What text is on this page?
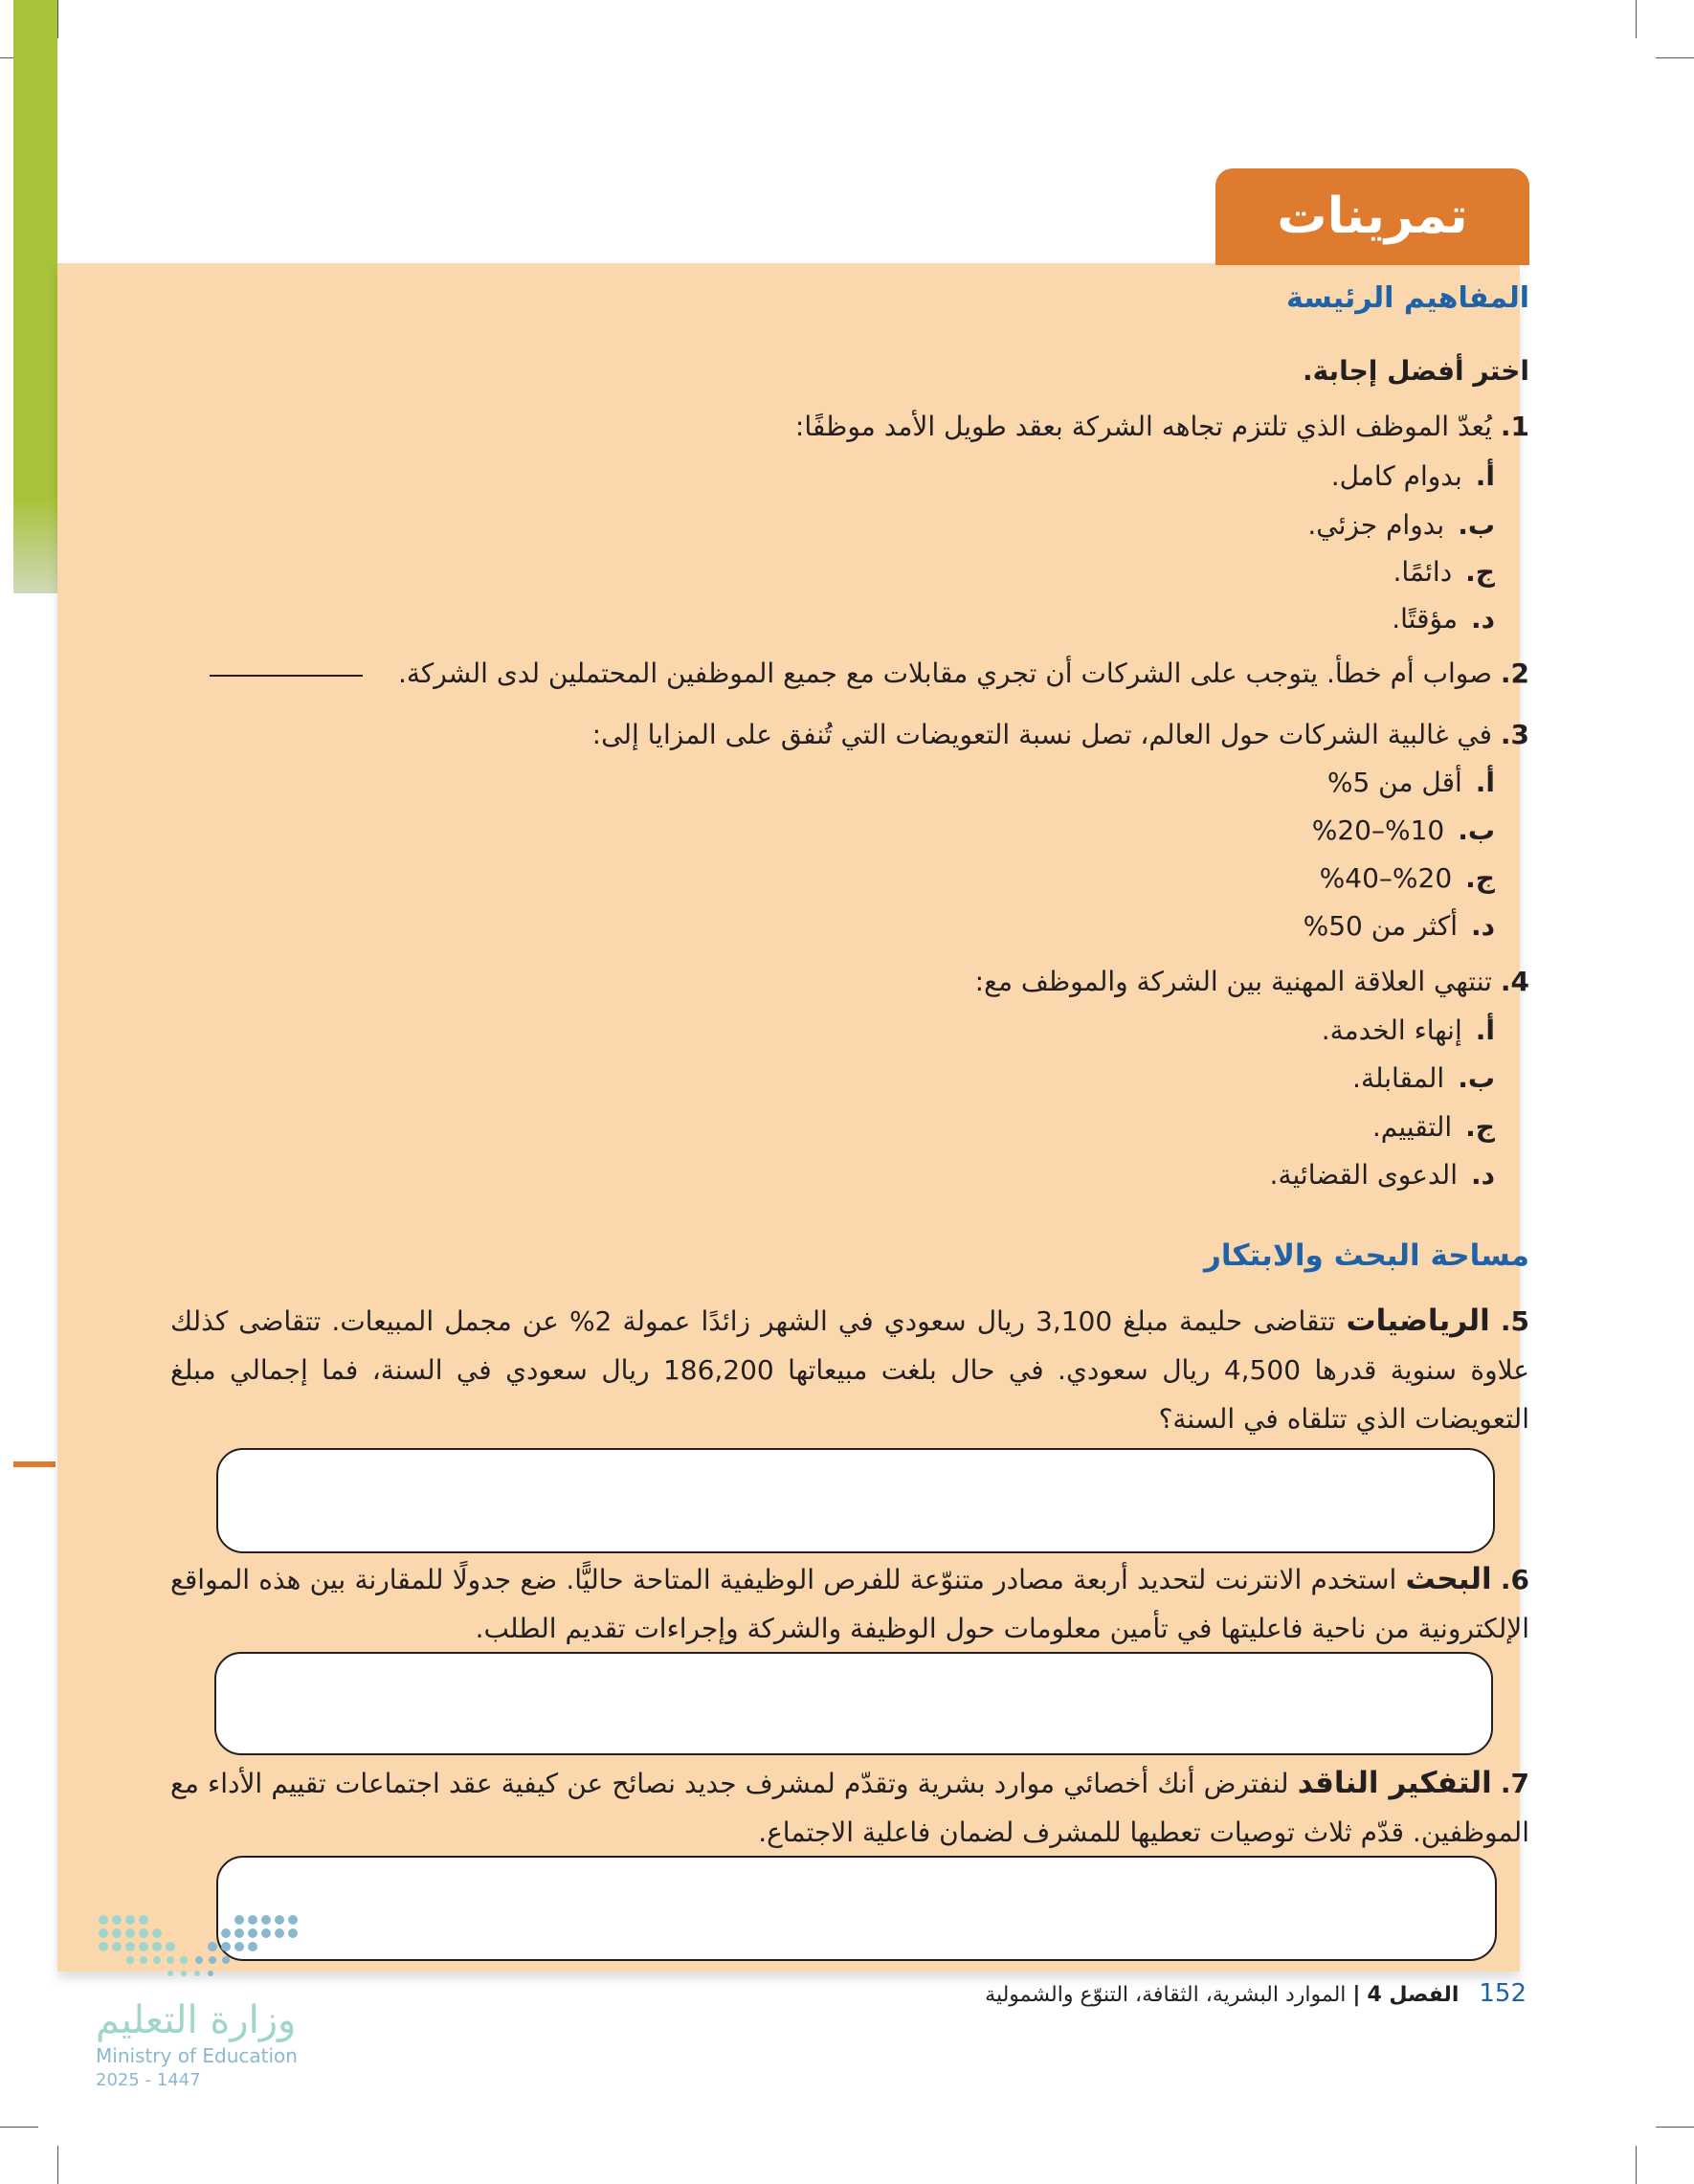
تمرينات
المفاهيم الرئيسة
اختر أفضل إجابة.
1. يُعدّ الموظف الذي تلتزم تجاهه الشركة بعقد طويل الأمد موظفًا:
أ.بدوام كامل.
ب.بدوام جزئي.
ج.دائمًا.
د.مؤقتًا.
2. صواب أم خطأ. يتوجب على الشركات أن تجري مقابلات مع جميع الموظفين المحتملين لدى الشركة.
3. في غالبية الشركات حول العالم، تصل نسبة التعويضات التي تُنفق على المزايا إلى:
أ.أقل من 5%
ب.10%–20%
ج.20%–40%
د.أكثر من 50%
4. تنتهي العلاقة المهنية بين الشركة والموظف مع:
أ.إنهاء الخدمة.
ب.المقابلة.
ج.التقييم.
د.الدعوى القضائية.
مساحة البحث والابتكار
5. الرياضيات تتقاضى حليمة مبلغ 3,100 ريال سعودي في الشهر زائدًا عمولة 2% عن مجمل المبيعات. تتقاضى كذلك علاوة سنوية قدرها 4,500 ريال سعودي. في حال بلغت مبيعاتها 186,200 ريال سعودي في السنة، فما إجمالي مبلغ التعويضات الذي تتلقاه في السنة؟
6. البحث استخدم الانترنت لتحديد أربعة مصادر متنوّعة للفرص الوظيفية المتاحة حاليًّا. ضع جدولًا للمقارنة بين هذه المواقع الإلكترونية من ناحية فاعليتها في تأمين معلومات حول الوظيفة والشركة وإجراءات تقديم الطلب.
7. التفكير الناقد لنفترض أنك أخصائي موارد بشرية وتقدّم لمشرف جديد نصائح عن كيفية عقد اجتماعات تقييم الأداء مع الموظفين. قدّم ثلاث توصيات تعطيها للمشرف لضمان فاعلية الاجتماع.
152 الفصل 4 | الموارد البشرية، الثقافة، التنوّع والشمولية
وزارة التعليم
Ministry of Education
2025 - 1447
